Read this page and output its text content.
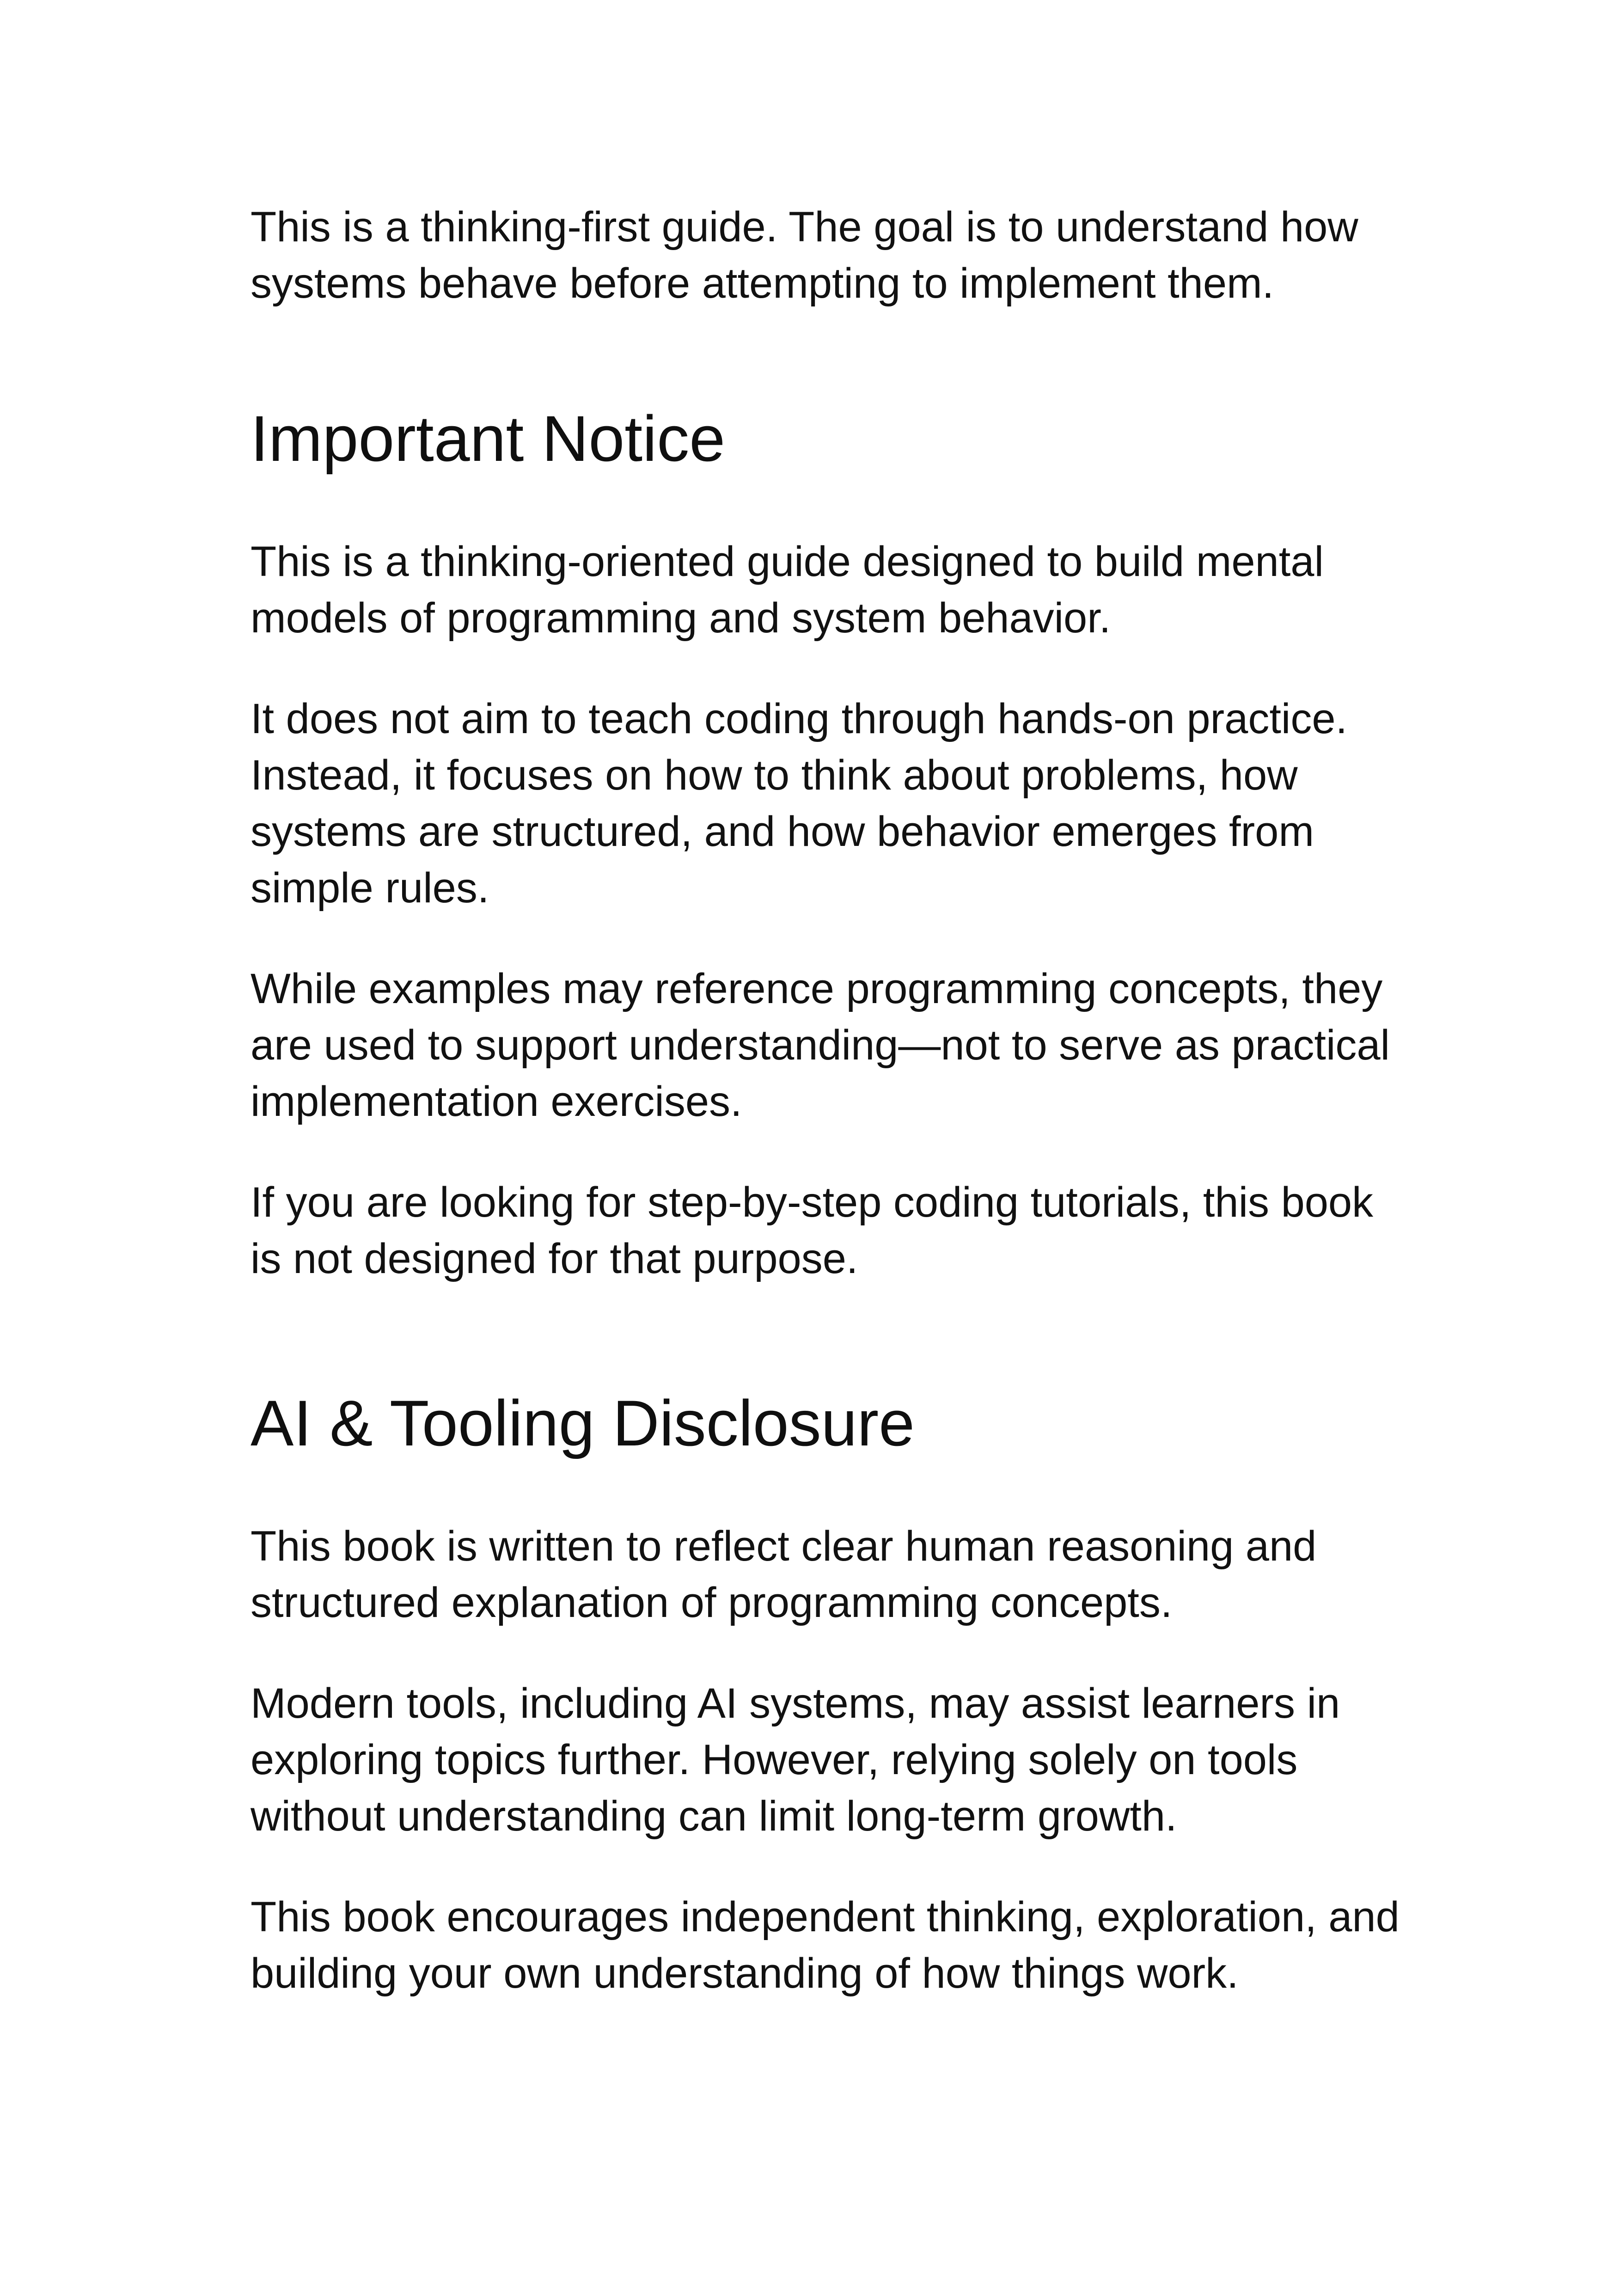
This is a thinking-first guide. The goal is to understand how
systems behave before attempting to implement them.

Important Notice

This is a thinking-oriented guide designed to build mental
models of programming and system behavior.

It does not aim to teach coding through hands-on practice.
Instead, it focuses on how to think about problems, how
systems are structured, and how behavior emerges from
simple rules.

While examples may reference programming concepts, they
are used to support understanding—not to serve as practical
implementation exercises.

If you are looking for step-by-step coding tutorials, this book
is not designed for that purpose.

AI & Tooling Disclosure

This book is written to reflect clear human reasoning and
structured explanation of programming concepts.

Modern tools, including AI systems, may assist learners in
exploring topics further. However, relying solely on tools
without understanding can limit long-term growth.

This book encourages independent thinking, exploration, and
building your own understanding of how things work.
